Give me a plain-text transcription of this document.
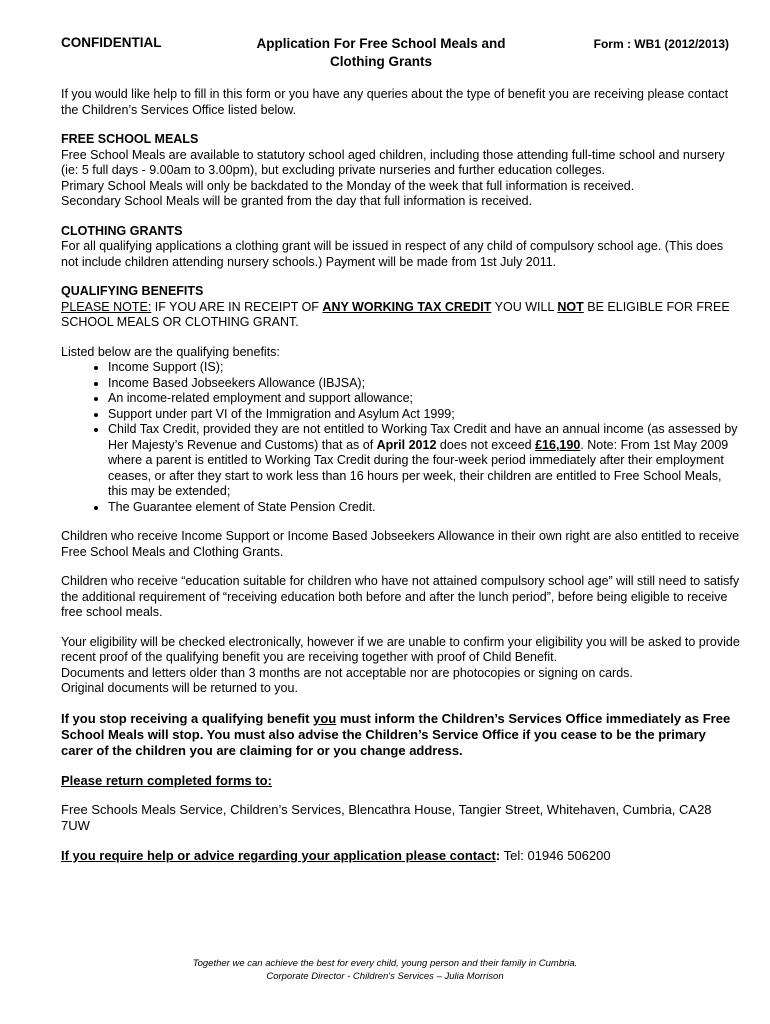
CONFIDENTIAL	Application For Free School Meals and
Clothing Grants
Form : WB1 (2012/2013)

If you would like help to fill in this form or you have any queries about the type of benefit you are receiving please contact the Children’s Services Office listed below.

FREE SCHOOL MEALS

Free School Meals are available to statutory school aged children, including those attending full-time school and nursery (ie: 5 full days - 9.00am to 3.00pm), but excluding private nurseries and further education colleges.

Primary School Meals will only be backdated to the Monday of the week that full information is received.

Secondary School Meals will be granted from the day that full information is received.

CLOTHING GRANTS

For all qualifying applications a clothing grant will be issued in respect of any child of compulsory school age. (This does not include children attending nursery schools.) Payment will be made from 1st July 2011.

QUALIFYING BENEFITS

PLEASE NOTE: IF YOU ARE IN RECEIPT OF ANY WORKING TAX CREDIT YOU WILL NOT BE ELIGIBLE FOR FREE SCHOOL MEALS OR CLOTHING GRANT.

Listed below are the qualifying benefits:

• Income Support (IS);
• Income Based Jobseekers Allowance (IBJSA);
• An income-related employment and support allowance;
• Support under part VI of the Immigration and Asylum Act 1999;
• Child Tax Credit, provided they are not entitled to Working Tax Credit and have an annual income (as assessed by Her Majesty’s Revenue and Customs) that as of April 2012 does not exceed £16,190. Note: From 1st May 2009 where a parent is entitled to Working Tax Credit during the four-week period immediately after their employment ceases, or after they start to work less than 16 hours per week, their children are entitled to Free School Meals, this may be extended;
• The Guarantee element of State Pension Credit.

Children who receive Income Support or Income Based Jobseekers Allowance in their own right are also entitled to receive Free School Meals and Clothing Grants.

Children who receive “education suitable for children who have not attained compulsory school age” will still need to satisfy the additional requirement of “receiving education both before and after the lunch period”, before being eligible to receive free school meals.

Your eligibility will be checked electronically, however if we are unable to confirm your eligibility you will be asked to provide recent proof of the qualifying benefit you are receiving together with proof of Child Benefit.

Documents and letters older than 3 months are not acceptable nor are photocopies or signing on cards.

Original documents will be returned to you.

If you stop receiving a qualifying benefit you must inform the Children’s Services Office immediately as Free School Meals will stop. You must also advise the Children’s Service Office if you cease to be the primary carer of the children you are claiming for or you change address.

Please return completed forms to:

Free Schools Meals Service, Children’s Services, Blencathra House, Tangier Street, Whitehaven, Cumbria, CA28 7UW

If you require help or advice regarding your application please contact: Tel: 01946 506200

Together we can achieve the best for every child, young person and their family in Cumbria.
Corporate Director - Children's Services – Julia Morrison
